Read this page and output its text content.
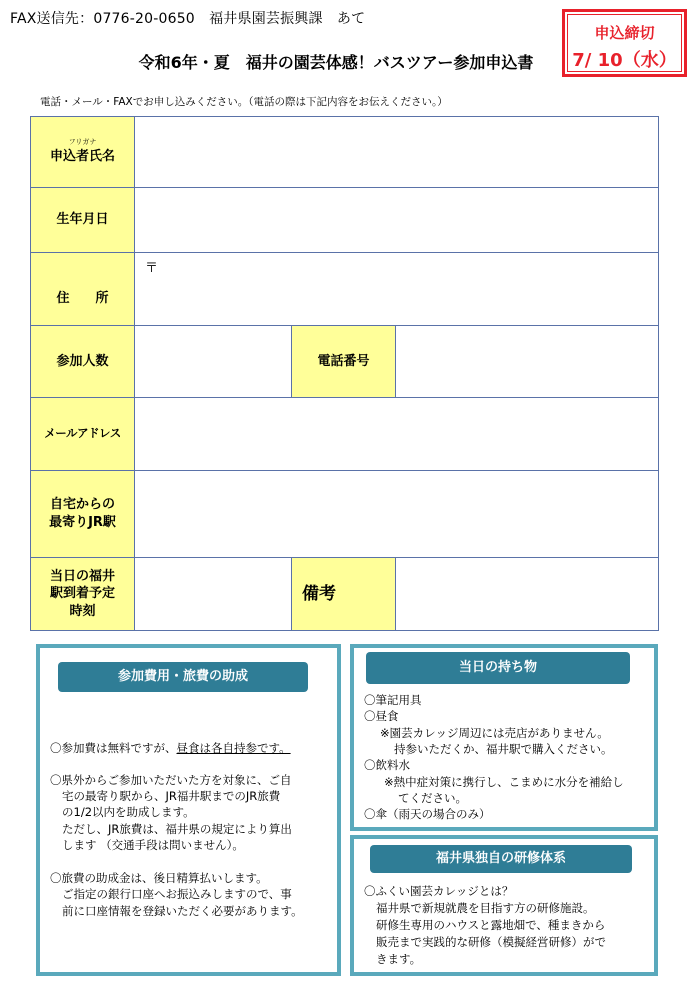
FAX送信先：0776-20-0650　福井県園芸振興課　あて
申込締切
7/ 10（水）
令和6年・夏　福井の園芸体感！バスツアー参加申込書
電話・メール・FAXでお申し込みください。（電話の際は下記内容をお伝えください。）
フリガナ
申込者氏名			
生年月日			
住　　所	〒		

参加人数		電話番号	
メールアドレス			
自宅からの
最寄りJR駅			
当日の福井
駅到着予定
時刻		備考	
参加費用・旅費の助成
〇参加費は無料ですが、昼食は各自持参です。
〇県外からご参加いただいた方を対象に、ご自
宅の最寄り駅から、JR福井駅までのJR旅費
の1/2以内を助成します。
ただし、JR旅費は、福井県の規定により算出
します （交通手段は問いません）。
〇旅費の助成金は、後日精算払いします。
ご指定の銀行口座へお振込みしますので、事
前に口座情報を登録いただく必要があります。
当日の持ち物
〇筆記用具
〇昼食
※園芸カレッジ周辺には売店がありません。
持参いただくか、福井駅で購入ください。
〇飲料水
※熱中症対策に携行し、こまめに水分を補給し
てください。
〇傘（雨天の場合のみ）
福井県独自の研修体系
〇ふくい園芸カレッジとは？
福井県で新規就農を目指す方の研修施設。
研修生専用のハウスと露地畑で、種まきから
販売まで実践的な研修（模擬経営研修）がで
きます。
